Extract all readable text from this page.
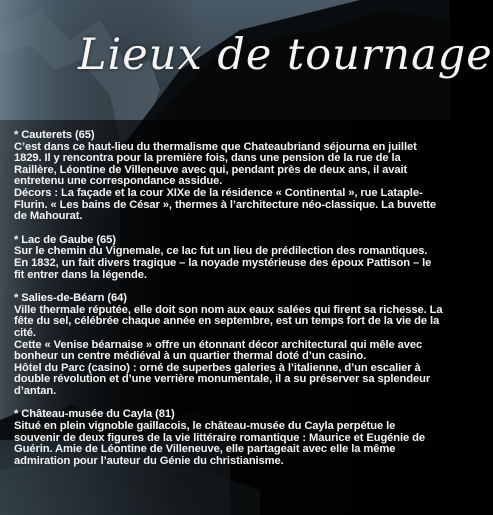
Lieux de tournage
* Cauterets (65)
C’est dans ce haut-lieu du thermalisme que Chateaubriand séjourna en juillet 1829. Il y rencontra pour la première fois, dans une pension de la rue de la Raillère, Léontine de Villeneuve avec qui, pendant près de deux ans, il avait entretenu une correspondance assidue.
Décors : La façade et la cour XIXe de la résidence « Continental », rue Lataple-Flurin. « Les bains de César », thermes à l’architecture néo-classique. La buvette de Mahourat.
* Lac de Gaube (65)
Sur le chemin du Vignemale, ce lac fut un lieu de prédilection des romantiques. En 1832, un fait divers tragique – la noyade mystérieuse des époux Pattison – le fit entrer dans la légende.
* Salies-de-Béarn (64)
Ville thermale réputée, elle doit son nom aux eaux salées qui firent sa richesse. La fête du sel, célébrée chaque année en septembre, est un temps fort de la vie de la cité.
Cette « Venise béarnaise » offre un étonnant décor architectural qui mêle avec bonheur un centre médiéval à un quartier thermal doté d’un casino.
Hôtel du Parc (casino) : orné de superbes galeries à l’italienne, d’un escalier à double révolution et d’une verrière monumentale, il a su préserver sa splendeur d’antan.
* Château-musée du Cayla (81)
Situé en plein vignoble gaillacois, le château-musée du Cayla perpétue le souvenir de deux figures de la vie littéraire romantique : Maurice et Eugénie de Guérin. Amie de Léontine de Villeneuve, elle partageait avec elle la même admiration pour l’auteur du Génie du christianisme.
